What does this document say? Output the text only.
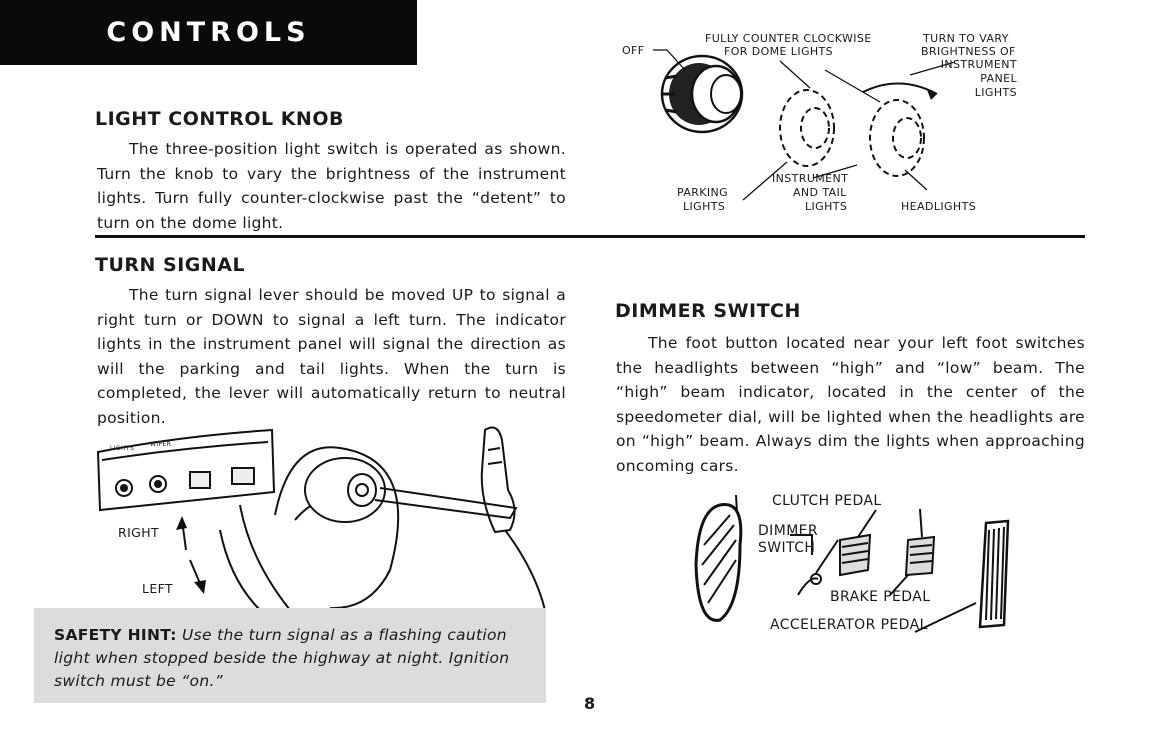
CONTROLS
LIGHT CONTROL KNOB

The three-position light switch is operated as shown. Turn the knob to vary the brightness of the instrument lights. Turn fully counter-clockwise past the “detent” to turn on the dome light.

OFF
FULLY COUNTER CLOCKWISE
FOR DOME LIGHTS
TURN TO VARY
BRIGHTNESS OF
INSTRUMENT
PANEL
LIGHTS
PARKING
LIGHTS
INSTRUMENT
AND TAIL
LIGHTS	HEADLIGHTS
TURN SIGNAL

The turn signal lever should be moved UP to signal a right turn or DOWN to signal a left turn. The indicator lights in the instrument panel will signal the direction as will the parking and tail lights. When the turn is completed, the lever will automatically return to neutral position.

LIGHTS
WIPER
RIGHT
LEFT
SAFETY HINT: Use the turn signal as a flashing caution light when stopped beside the highway at night. Ignition switch must be “on.”
DIMMER SWITCH

The foot button located near your left foot switches the headlights between “high” and “low” beam. The “high” beam indicator, located in the center of the speedometer dial, will be lighted when the headlights are on “high” beam. Always dim the lights when approaching oncoming cars.

CLUTCH PEDAL
DIMMER
SWITCH
BRAKE PEDAL
ACCELERATOR PEDAL
8
